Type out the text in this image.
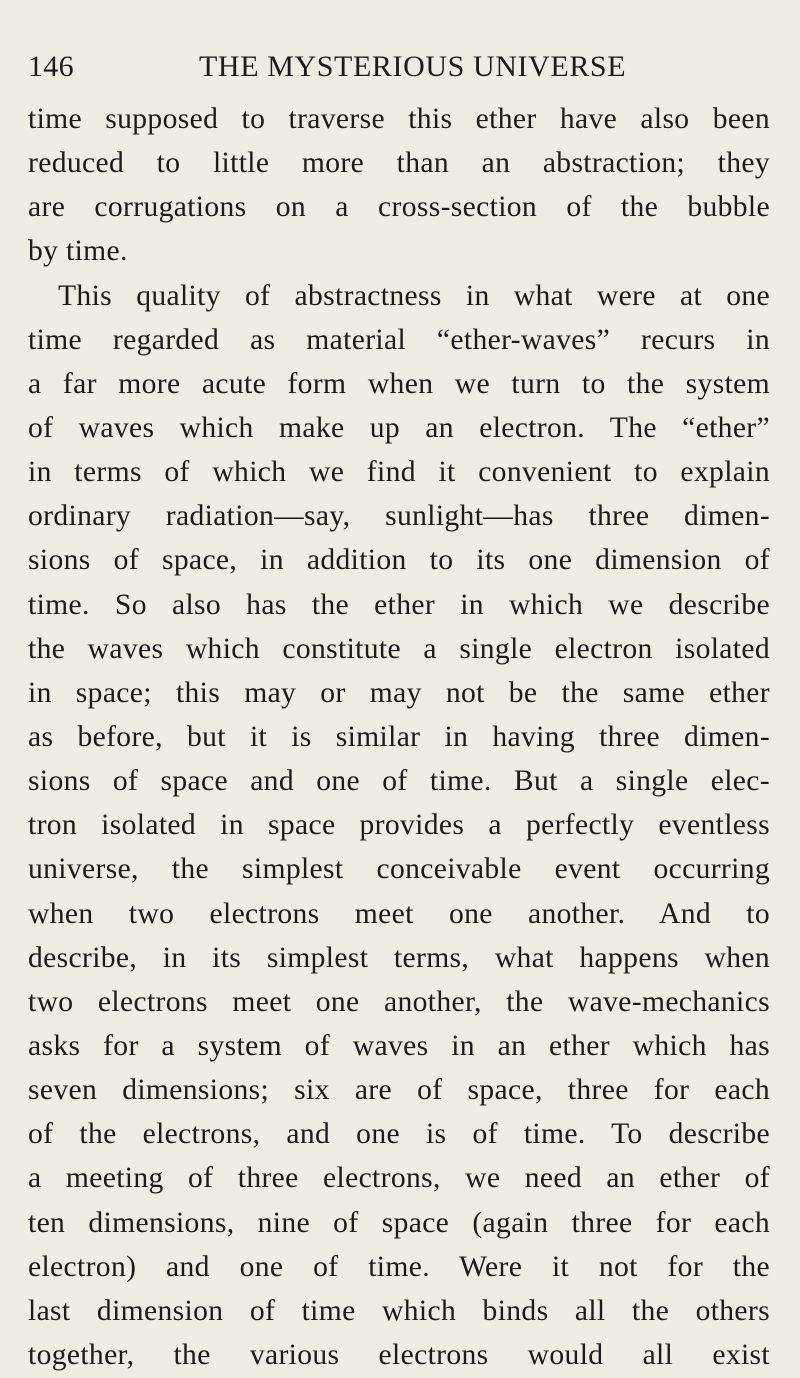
146	THE MYSTERIOUS UNIVERSE
time supposed to traverse this ether have also been
reduced to little more than an abstraction; they
are corrugations on a cross-section of the bubble
by time.
This quality of abstractness in what were at one
time regarded as material “ether-waves” recurs in
a far more acute form when we turn to the system
of waves which make up an electron. The “ether”
in terms of which we find it convenient to explain
ordinary radiation—say, sunlight—has three dimen-
sions of space, in addition to its one dimension of
time. So also has the ether in which we describe
the waves which constitute a single electron isolated
in space; this may or may not be the same ether
as before, but it is similar in having three dimen-
sions of space and one of time. But a single elec-
tron isolated in space provides a perfectly eventless
universe, the simplest conceivable event occurring
when two electrons meet one another. And to
describe, in its simplest terms, what happens when
two electrons meet one another, the wave-mechanics
asks for a system of waves in an ether which has
seven dimensions; six are of space, three for each
of the electrons, and one is of time. To describe
a meeting of three electrons, we need an ether of
ten dimensions, nine of space (again three for each
electron) and one of time. Were it not for the
last dimension of time which binds all the others
together, the various electrons would all exist
